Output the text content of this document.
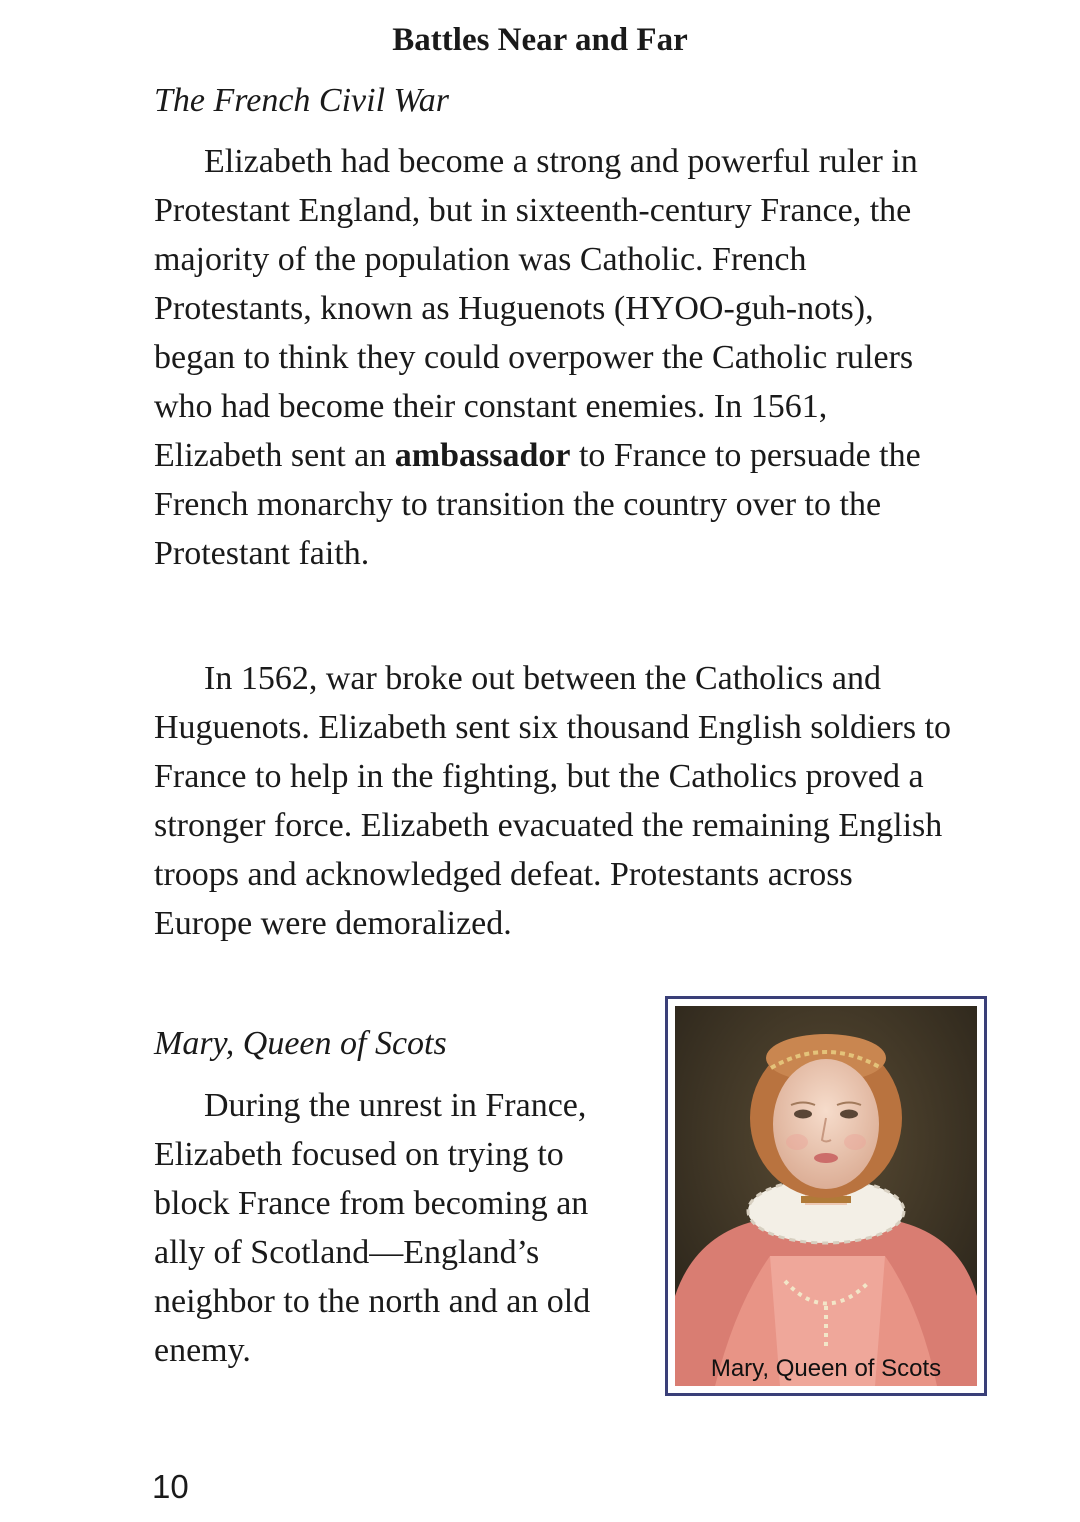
Battles Near and Far
The French Civil War

Elizabeth had become a strong and powerful ruler in Protestant England, but in sixteenth-century France, the majority of the population was Catholic. French Protestants, known as Huguenots (HYOO-guh-nots), began to think they could overpower the Catholic rulers who had become their constant enemies. In 1561, Elizabeth sent an ambassador to France to persuade the French monarchy to transition the country over to the Protestant faith.

In 1562, war broke out between the Catholics and Huguenots. Elizabeth sent six thousand English soldiers to France to help in the fighting, but the Catholics proved a stronger force. Elizabeth evacuated the remaining English troops and acknowledged defeat. Protestants across Europe were demoralized.

Mary, Queen of Scots

During the unrest in France, Elizabeth focused on trying to block France from becoming an ally of Scotland—England’s neighbor to the north and an old enemy.	Mary, Queen of Scots
10
